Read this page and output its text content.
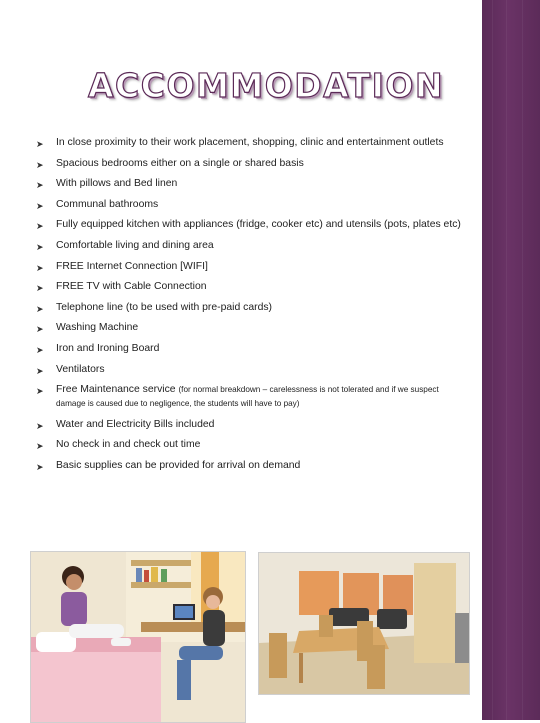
ACCOMMODATION
➤ In close proximity to their work placement, shopping, clinic and entertainment outlets
➤ Spacious bedrooms either on a single or shared basis
➤ With pillows and Bed linen
➤ Communal bathrooms
➤ Fully equipped kitchen with appliances (fridge, cooker etc) and utensils (pots, plates etc)
➤ Comfortable living and dining area
➤ FREE Internet Connection [WIFI]
➤ FREE TV with Cable Connection
➤ Telephone line (to be used with pre-paid cards)
➤ Washing Machine
➤ Iron and Ironing Board
➤ Ventilators
➤ Free Maintenance service (for normal breakdown – carelessness is not tolerated and if we suspect damage is caused due to negligence, the students will have to pay)
➤ Water and Electricity Bills included
➤ No check in and check out time
➤ Basic supplies can be provided for arrival on demand
